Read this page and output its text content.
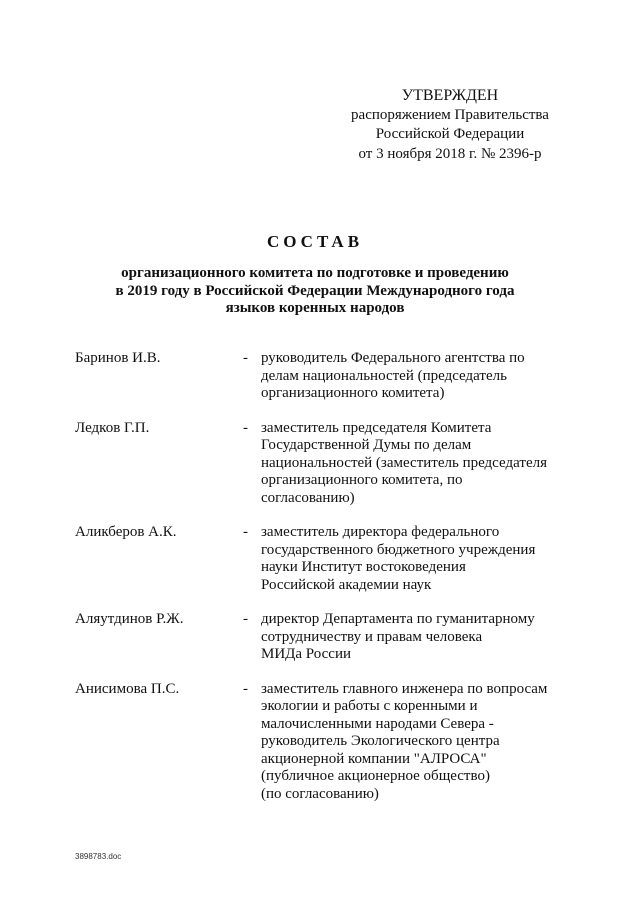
УТВЕРЖДЕН
распоряжением Правительства
Российской Федерации
от 3 ноября 2018 г. № 2396-р
СОСТАВ
организационного комитета по подготовке и проведению
в 2019 году в Российской Федерации Международного года
языков коренных народов
Баринов И.В.	- руководитель Федерального агентства по
делам национальностей (председатель
организационного комитета)
Ледков Г.П.	- заместитель председателя Комитета
Государственной Думы по делам
национальностей (заместитель председателя
организационного комитета, по
согласованию)
Аликберов А.К.	- заместитель директора федерального
государственного бюджетного учреждения
науки Институт востоковедения
Российской академии наук
Аляутдинов Р.Ж.	- директор Департамента по гуманитарному
сотрудничеству и правам человека
МИДа России
Анисимова П.С.	- заместитель главного инженера по вопросам
экологии и работы с коренными и
малочисленными народами Севера -
руководитель Экологического центра
акционерной компании "АЛРОСА"
(публичное акционерное общество)
(по согласованию)
3898783.doc
